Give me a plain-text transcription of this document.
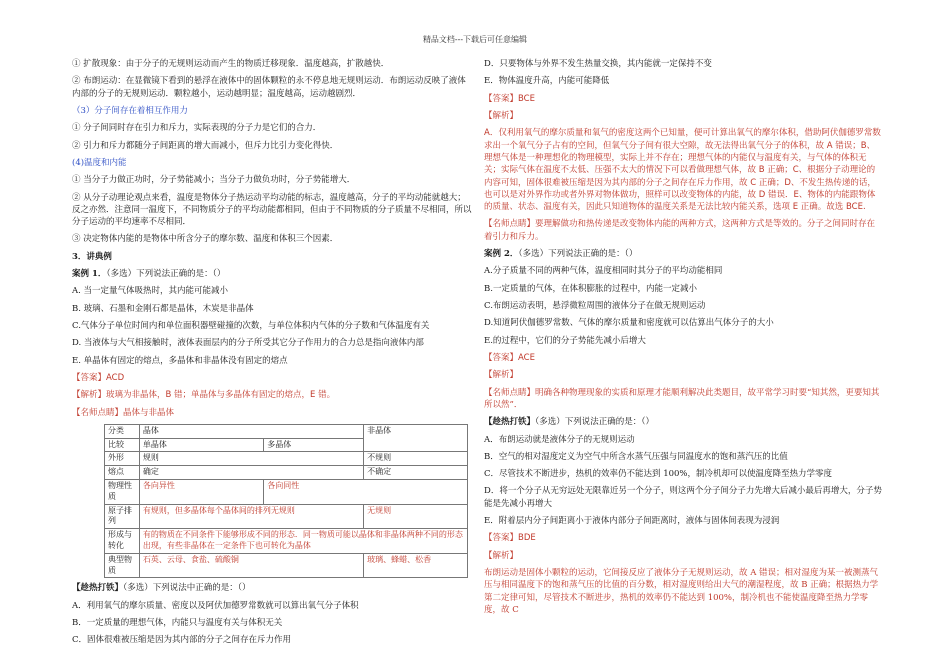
精品文档---下载后可任意编辑

① 扩散现象：由于分子的无规则运动而产生的物质迁移现象．温度越高，扩散越快．

② 布朗运动：在显微镜下看到的悬浮在液体中的固体颗粒的永不停息地无规则运动．布朗运动反映了液体内部的分子的无规则运动．颗粒越小，运动越明显；温度越高，运动越剧烈．

（3）分子间存在着相互作用力

① 分子间同时存在引力和斥力，实际表现的分子力是它们的合力．

② 引力和斥力都随分子间距离的增大而减小，但斥力比引力变化得快．

(4)温度和内能

① 当分子力做正功时，分子势能减小；当分子力做负功时，分子势能增大．

② 从分子动理论观点来看，温度是物体分子热运动平均动能的标志，温度越高，分子的平均动能就越大；反之亦然．注意同一温度下，不同物质分子的平均动能都相同，但由于不同物质的分子质量不尽相同，所以分子运动的平均速率不尽相同．

③ 决定物体内能的是物体中所含分子的摩尔数、温度和体积三个因素．

3．讲典例

案例 1．（多选）下列说法正确的是：（）

A. 当一定量气体吸热时，其内能可能减小

B. 玻璃、石墨和金刚石都是晶体，木炭是非晶体

C.气体分子单位时间内和单位面积器壁碰撞的次数，与单位体积内气体的分子数和气体温度有关

D. 当液体与大气相接触时，液体表面层内的分子所受其它分子作用力的合力总是指向液体内部

E. 单晶体有固定的熔点，多晶体和非晶体没有固定的熔点

【答案】ACD

【解析】玻璃为非晶体，B 错；单晶体与多晶体有固定的熔点，E 错。

【名师点睛】晶体与非晶体

分类	晶体		非晶体
比较	单晶体	多晶体	
外形	规则		不规则
熔点	确定		不确定
物理性质	各向异性	各向同性	
原子排列	有规则，但多晶体每个晶体间的排列无规则		无规则
形成与转化	有的物质在不同条件下能够形成不同的形态．同一物质可能以晶体和非晶体两种不同的形态出现，有些非晶体在一定条件下也可转化为晶体		
典型物质	石英、云母、食盐、硫酸铜		玻璃、蜂蜡、松香

【趁热打铁】（多选）下列说法中正确的是：（）

A．利用氧气的摩尔质量、密度以及阿伏加德罗常数就可以算出氧气分子体积

B．一定质量的理想气体，内能只与温度有关与体积无关

C．固体很难被压缩是因为其内部的分子之间存在斥力作用

D．只要物体与外界不发生热量交换，其内能就一定保持不变

E．物体温度升高，内能可能降低

【答案】BCE

【解析】

A．仅利用氧气的摩尔质量和氧气的密度这两个已知量，便可计算出氧气的摩尔体积，借助阿伏伽德罗常数求出一个氧气分子占有的空间，但氧气分子间有很大空隙，故无法得出氧气分子的体积，故 A 错误；B、理想气体是一种理想化的物理模型，实际上并不存在；理想气体的内能仅与温度有关，与气体的体积无关；实际气体在温度不太低、压强不太大的情况下可以看做理想气体，故 B 正确；C、根据分子动理论的内容可知，固体很难被压缩是因为其内部的分子之间存在斥力作用，故 C 正确；D、不发生热传递的话，也可以是对外界作功或者外界对物体做功，照样可以改变物体的内能，故 D 错误．E、物体的内能跟物体的质量、状态、温度有关，因此只知道物体的温度关系是无法比较内能关系，选项 E 正确。故选 BCE.

【名师点睛】要理解做功和热传递是改变物体内能的两种方式，这两种方式是等效的。分子之间同时存在着引力和斥力。

案例 2．（多选）下列说法正确的是：（）

A.分子质量不同的两种气体，温度相同时其分子的平均动能相同

B.一定质量的气体，在体积膨胀的过程中，内能一定减小

C.布朗运动表明，悬浮微粒周围的液体分子在做无规则运动

D.知道阿伏伽德罗常数、气体的摩尔质量和密度就可以估算出气体分子的大小

E.的过程中，它们的分子势能先减小后增大

【答案】ACE

【解析】

【名师点睛】明确各种物理现象的实质和原理才能顺利解决此类题目，故平常学习时要“知其然，更要知其所以然”．

【趁热打铁】（多选）下列说法正确的是：（）

A．布朗运动就是液体分子的无规则运动

B．空气的相对湿度定义为空气中所含水蒸气压强与同温度水的饱和蒸汽压的比值

C．尽管技术不断进步，热机的效率仍不能达到 100%，制冷机却可以使温度降至热力学零度

D．将一个分子从无穷远处无限靠近另一个分子，则这两个分子间分子力先增大后减小最后再增大，分子势能是先减小再增大

E．附着层内分子间距离小于液体内部分子间距离时，液体与固体间表现为浸润

【答案】BDE

【解析】

布朗运动是固体小颗粒的运动，它间接反应了液体分子无规则运动，故 A 错误；相对湿度为某一被测蒸气压与相同温度下的饱和蒸气压的比值的百分数，相对湿度则给出大气的潮湿程度，故 B 正确；根据热力学第二定律可知，尽管技术不断进步，热机的效率仍不能达到 100%，制冷机也不能使温度降至热力学零度，故 C
